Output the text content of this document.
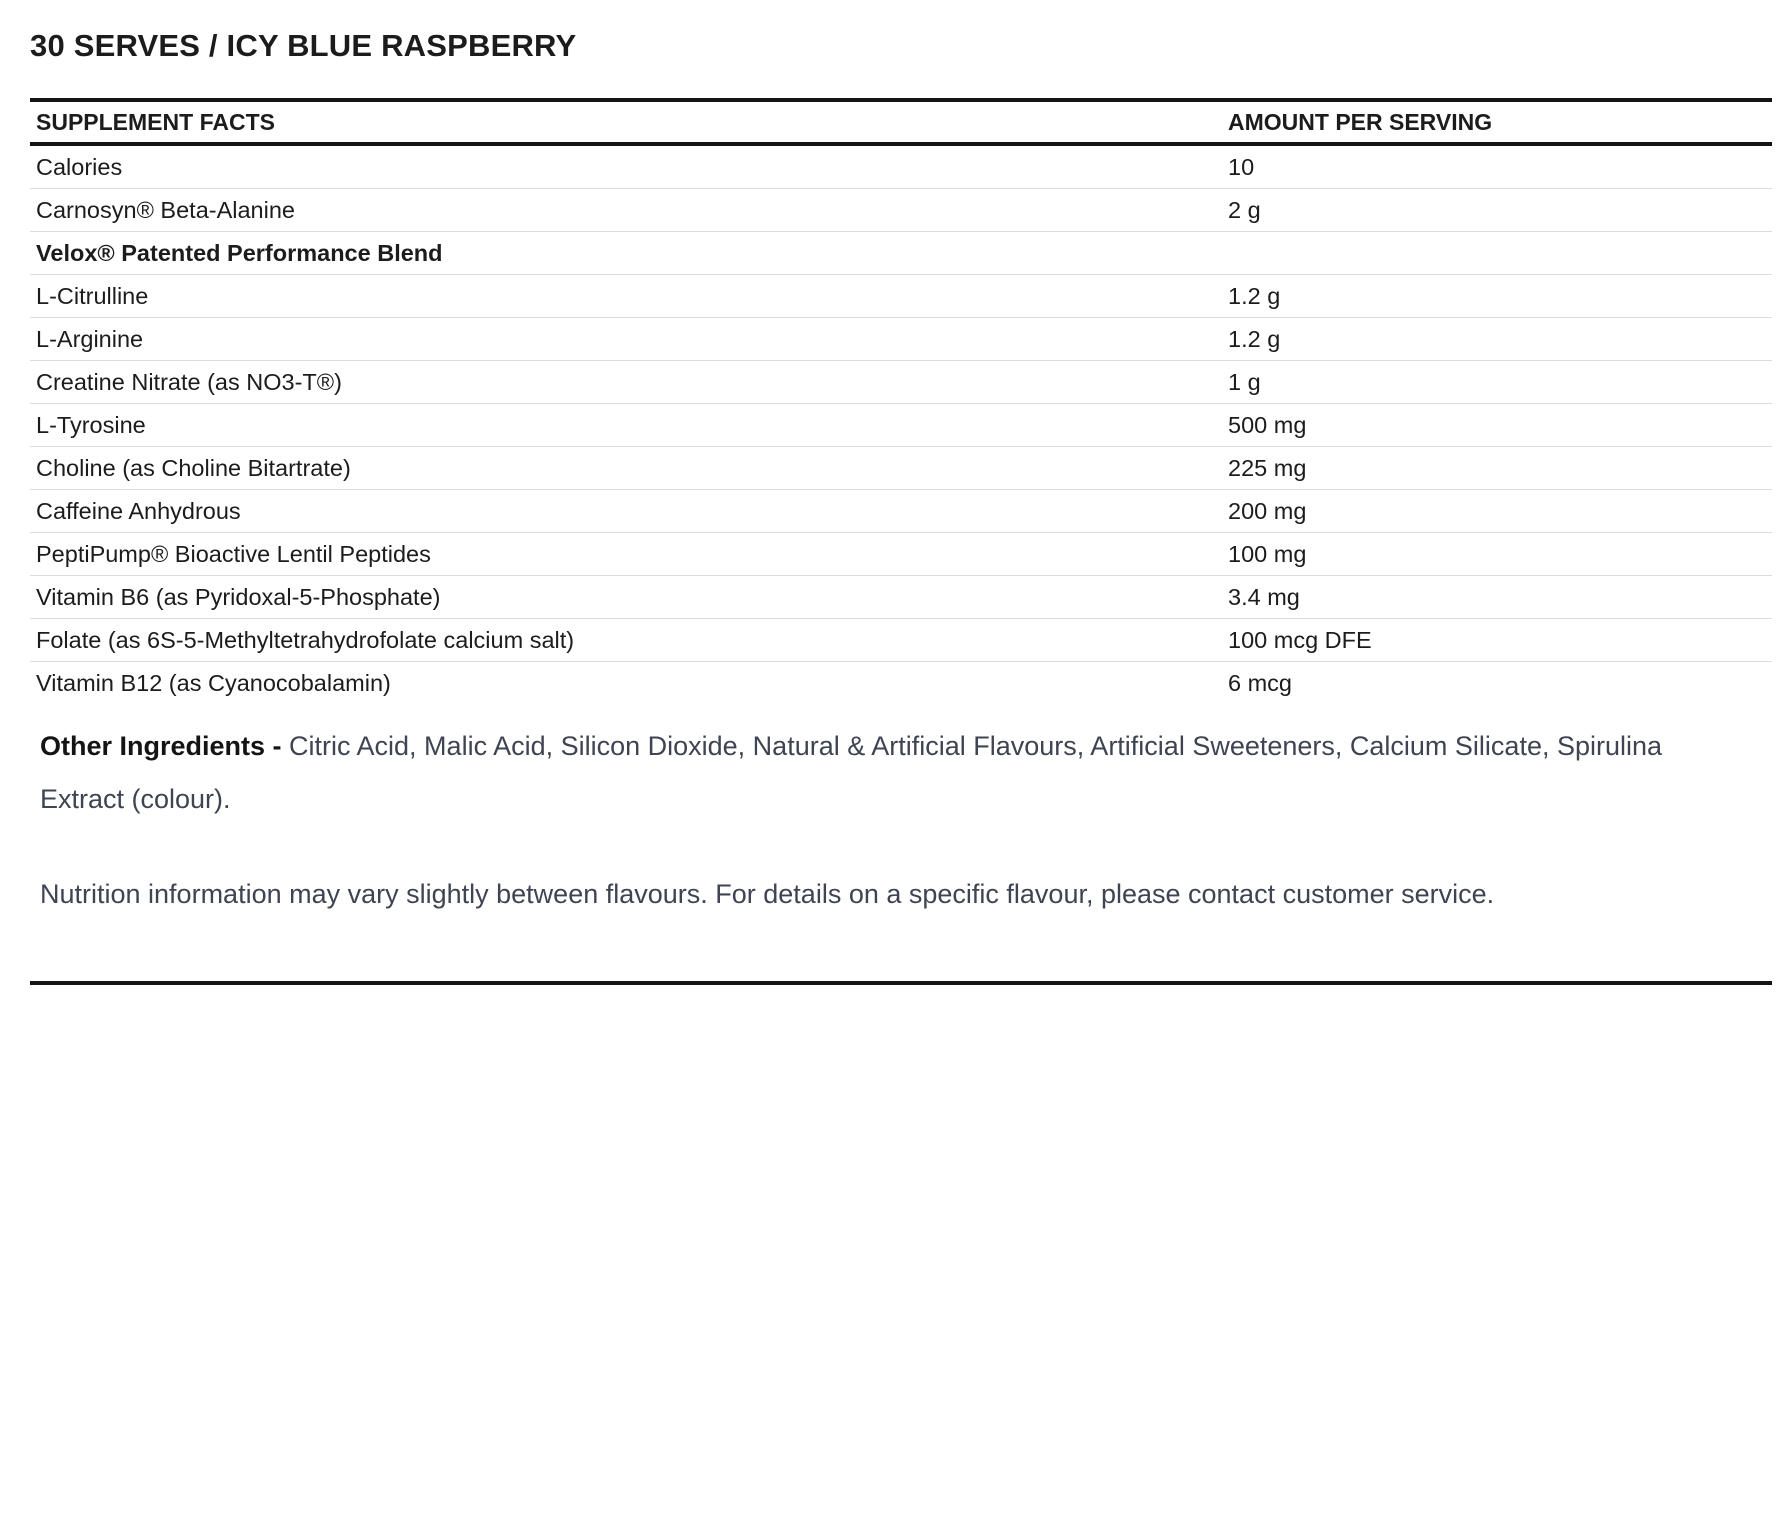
30 SERVES / ICY BLUE RASPBERRY
SUPPLEMENT FACTS	AMOUNT PER SERVING
Calories	10
Carnosyn® Beta-Alanine	2 g
Velox® Patented Performance Blend	
L-Citrulline	1.2 g
L-Arginine	1.2 g
Creatine Nitrate (as NO3-T®)	1 g
L-Tyrosine	500 mg
Choline (as Choline Bitartrate)	225 mg
Caffeine Anhydrous	200 mg
PeptiPump® Bioactive Lentil Peptides	100 mg
Vitamin B6 (as Pyridoxal-5-Phosphate)	3.4 mg
Folate (as 6S-5-Methyltetrahydrofolate calcium salt)	100 mcg DFE
Vitamin B12 (as Cyanocobalamin)	6 mcg

Other Ingredients - Citric Acid, Malic Acid, Silicon Dioxide, Natural & Artificial Flavours, Artificial Sweeteners, Calcium Silicate, Spirulina Extract (colour).

Nutrition information may vary slightly between flavours. For details on a specific flavour, please contact customer service.
